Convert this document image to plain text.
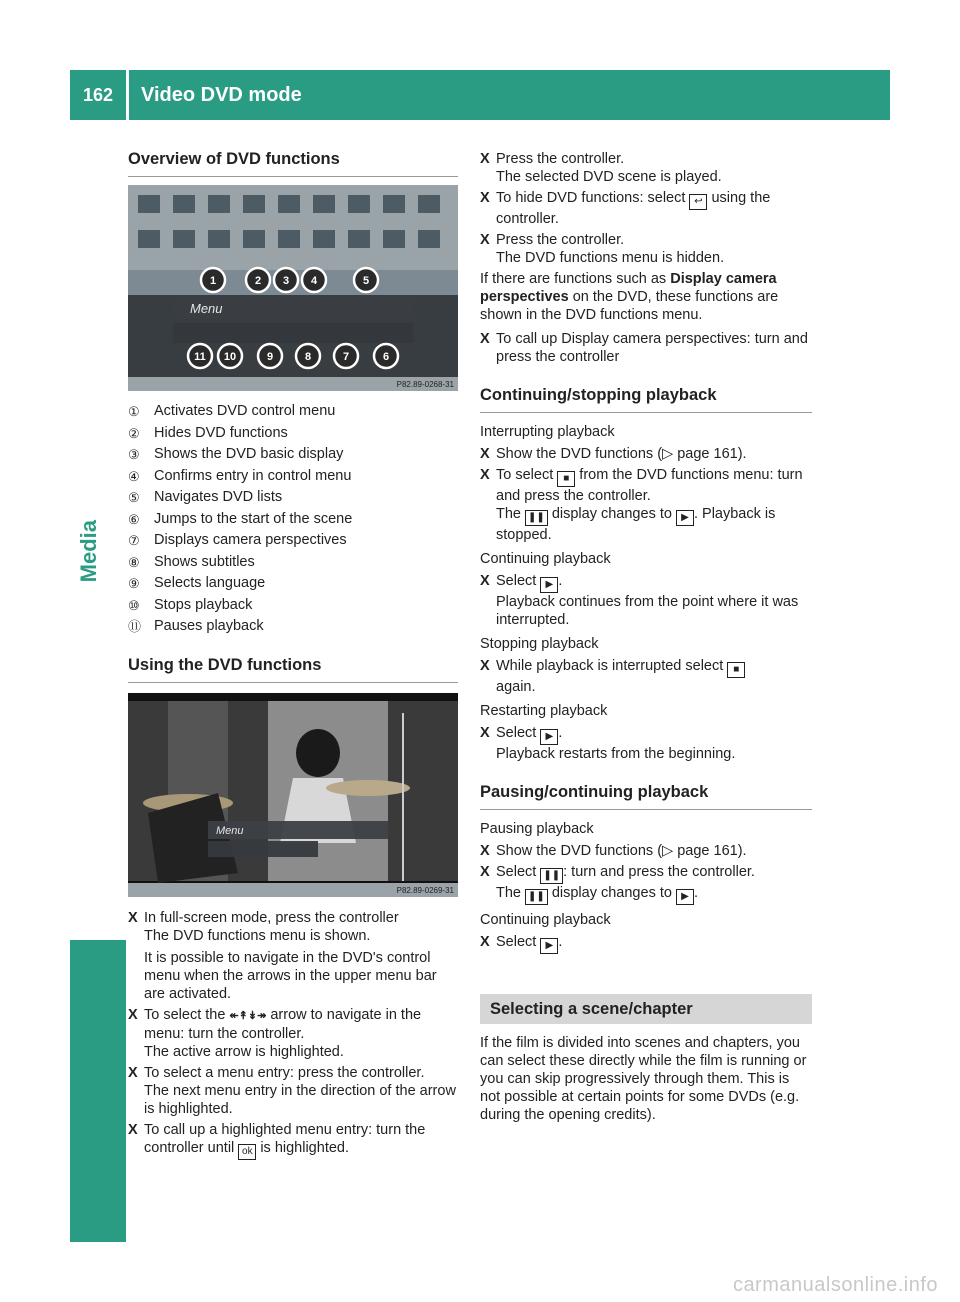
162 Video DVD mode
Media
Overview of DVD functions
Menu
1	2 3 4	5
6
7
8
9
10
11
P82.89-0268-31
① Activates DVD control menu
② Hides DVD functions
③ Shows the DVD basic display
④ Confirms entry in control menu
⑤ Navigates DVD lists
⑥ Jumps to the start of the scene
⑦ Displays camera perspectives
⑧ Shows subtitles
⑨ Selects language
⑩ Stops playback
⑪ Pauses playback
Using the DVD functions
Menu
P82.89-0269-31
X In full-screen mode, press the controller
The DVD functions menu is shown.
It is possible to navigate in the DVD's control menu when the arrows in the upper menu bar are activated.
X To select the ↞↟↡↠ arrow to navigate in the menu: turn the controller.
The active arrow is highlighted.
X To select a menu entry: press the controller.
The next menu entry in the direction of the arrow is highlighted.
X To call up a highlighted menu entry: turn the controller until ok is highlighted.
X Press the controller.
The selected DVD scene is played.
X To hide DVD functions: select ↩ using the controller.
X Press the controller.
The DVD functions menu is hidden.
If there are functions such as Display camera perspectives on the DVD, these functions are shown in the DVD functions menu.
X To call up Display camera perspectives: turn and press the controller
Continuing/stopping playback
Interrupting playback
X Show the DVD functions (▷ page 161).
X To select ■ from the DVD functions menu: turn and press the controller.
The ❚❚ display changes to ▶ . Playback is stopped.
Continuing playback
X Select ▶ .
Playback continues from the point where it was interrupted.
Stopping playback
X While playback is interrupted select ■
again.
Restarting playback
X Select ▶ .
Playback restarts from the beginning.
Pausing/continuing playback
Pausing playback
X Show the DVD functions (▷ page 161).
X Select ❚❚ : turn and press the controller.
The ❚❚ display changes to ▶ .
Continuing playback
X Select ▶ .
Selecting a scene/chapter
If the film is divided into scenes and chapters, you can select these directly while the film is running or you can skip progressively through them. This is not possible at certain points for some DVDs (e.g. during the opening credits).
carmanualsonline.info
